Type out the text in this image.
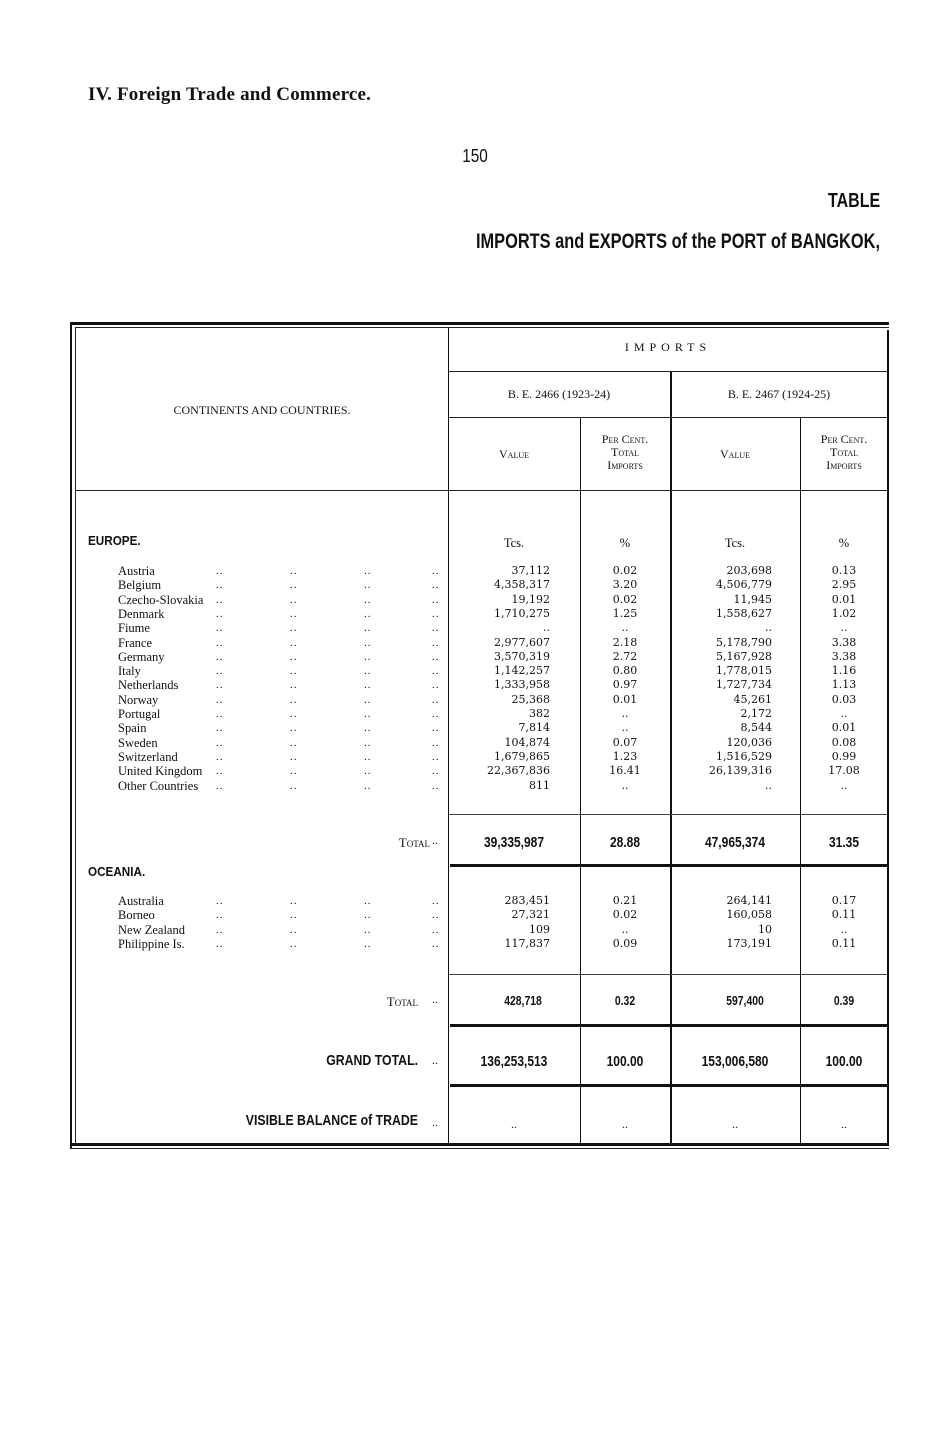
IV. Foreign Trade and Commerce.
150
TABLE
IMPORTS and EXPORTS of the PORT of BANGKOK,
CONTINENTS AND COUNTRIES.
IMPORTS
B. E. 2466 (1923-24)	B. E. 2467 (1924-25)
Value
Per Cent.
Total
Imports
Value
Per Cent.
Total
Imports
Tcs.	%	Tcs.	%
EUROPE.
OCEANIA.
Austria	..	..	..	..	37,112	0.02	203,698	0.13
Belgium	..	..	..	..	4,358,317	3.20	4,506,779	2.95
Czecho-Slovakia ..	..	..	..	19,192	0.02	11,945	0.01
Denmark	..	..	..	..	1,710,275	1.25	1,558,627	1.02
Fiume	..	..	..	..	..	..	..	..
France	..	..	..	..	2,977,607	2.18	5,178,790	3.38
Germany	..	..	..	..	3,570,319	2.72	5,167,928	3.38
Italy	..	..	..	..	1,142,257	0.80	1,778,015	1.16
Netherlands	..	..	..	..	1,333,958	0.97	1,727,734	1.13
Norway	..	..	..	..	25,368	0.01	45,261	0.03
Portugal	..	..	..	..	382	..	2,172	..
Spain	..	..	..	..	7,814	..	8,544	0.01
Sweden	..	..	..	..	104,874	0.07	120,036	0.08
Switzerland	..	..	..	..	1,679,865	1.23	1,516,529	0.99
United Kingdom ..	..	..	..	22,367,836	16.41	26,139,316	17.08
Other Countries ..	..	..	..	811	..	..	..
Australia	..	..	..	..	283,451	0.21	264,141	0.17
Borneo	..	..	..	..	27,321	0.02	160,058	0.11
New Zealand	..	..	..	..	109	..	10	..
Philippine Is.	..	..	..	..	117,837	0.09	173,191	0.11
Total ..	39,335,987	28.88	47,965,374	31.35
Total ..	428,718	0.32	597,400	0.39
GRAND TOTAL. ..	136,253,513	100.00	153,006,580	100.00
VISIBLE BALANCE of TRADE ..	..	..	..	..
